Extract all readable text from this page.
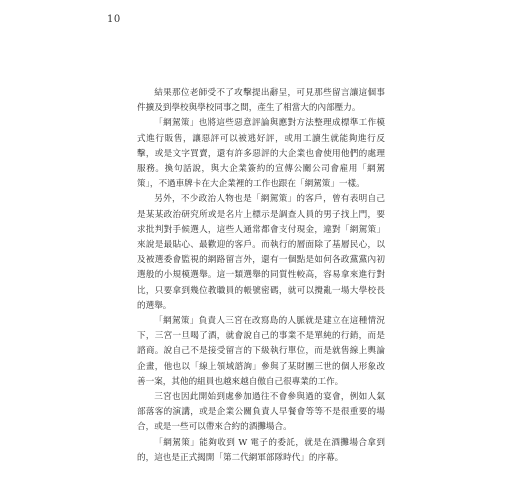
10

結果那位老師受不了攻擊提出辭呈，可見那些留言讓這個事件擴及到學校與學校同事之間，產生了相當大的內部壓力。

「網駕策」也將這些惡意評論與應對方法整理成標準工作模式進行販售，讓惡評可以被逃好評，或用工讀生就能夠進行反擊，或是文字買賣，還有許多惡評的大企業也會使用他們的處理服務。換句話說，與大企業簽約的宣傳公關公司會雇用「網駕策」，不過車牌卡在大企業裡的工作也跟在「網駕策」一樣。

另外，不少政治人物也是「網駕策」的客戶，曾有表明自己是某某政治研究所或是名片上標示是調查人員的男子找上門，要求批判對手候選人，這些人通常都會支付現金，違對「網駕策」來說是最貼心、最歡迎的客戶。而執行的層面除了基層民心，以及被選委會監視的網路留言外，還有一個點是如何各政黨黨內初選般的小規模選舉。這一類選舉的同質性較高，容易拿來進行對比，只要拿到幾位教職員的帳號密碼，就可以攪亂一場大學校長的選舉。

「網駕策」負責人三宮在改寫島的人脈就是建立在這種情況下，三宮一旦喝了酒，就會說自己的事業不是單純的行銷，而是諮商。說自己不是接受留言的下級執行單位，而是就售線上輿論企畫，他也以「線上領域諮詢」參與了某財團三世的個人形象改善一案，其他的組員也越來越自傲自己很專業的工作。

三宮也因此開始到處參加過往不會參與過的宴會，例如人氣部落客的演講，或是企業公關負責人早餐會等等不是很重要的場合，或是一些可以帶來合約的酒攤場合。

「網駕策」能夠收到 W 電子的委託，就是在酒攤場合拿到的，這也是正式揭開「第二代網軍部隊時代」的序幕。
